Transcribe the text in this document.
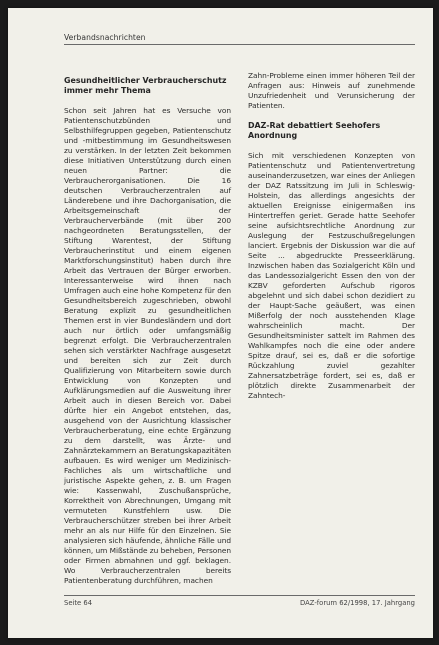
Verbandsnachrichten
Gesundheitlicher Verbraucherschutz immer mehr Thema

Schon seit Jahren hat es Versuche von Patientenschutzbünden und Selbsthilfegruppen gegeben, Patientenschutz und -mitbestimmung im Gesundheitswesen zu verstärken. In der letzten Zeit bekommen diese Initiativen Unterstützung durch einen neuen Partner: die Verbraucherorganisationen. Die 16 deutschen Verbraucherzentralen auf Länderebene und ihre Dachorganisation, die Arbeitsgemeinschaft der Verbraucherverbände (mit über 200 nachgeordneten Beratungsstellen, der Stiftung Warentest, der Stiftung Verbraucherinstitut und einem eigenen Marktforschungsinstitut) haben durch ihre Arbeit das Vertrauen der Bürger erworben. Interessanterweise wird ihnen nach Umfragen auch eine hohe Kompetenz für den Gesundheitsbereich zugeschrieben, obwohl Beratung explizit zu gesundheitlichen Themen erst in vier Bundesländern und dort auch nur örtlich oder umfangsmäßig begrenzt erfolgt. Die Verbraucherzentralen sehen sich verstärkter Nachfrage ausgesetzt und bereiten sich zur Zeit durch Qualifizierung von Mitarbeitern sowie durch Entwicklung von Konzepten und Aufklärungsmedien auf die Ausweitung ihrer Arbeit auch in diesen Bereich vor. Dabei dürfte hier ein Angebot entstehen, das, ausgehend von der Ausrichtung klassischer Verbraucherberatung, eine echte Ergänzung zu dem darstellt, was Ärzte- und Zahnärztekammern an Beratungskapazitäten aufbauen. Es wird weniger um Medizinisch-Fachliches als um wirtschaftliche und juristische Aspekte gehen, z. B. um Fragen wie: Kassenwahl, Zuschußansprüche, Korrektheit von Abrechnungen, Umgang mit vermuteten Kunstfehlern usw. Die Verbraucherschützer streben bei ihrer Arbeit mehr an als nur Hilfe für den Einzelnen. Sie analysieren sich häufende, ähnliche Fälle und können, um Mißstände zu beheben, Personen oder Firmen abmahnen und ggf. beklagen. Wo Verbraucherzentralen bereits Patientenberatung durchführen, machen

Zahn-Probleme einen immer höheren Teil der Anfragen aus: Hinweis auf zunehmende Unzufriedenheit und Verunsicherung der Patienten.

DAZ-Rat debattiert Seehofers Anordnung

Sich mit verschiedenen Konzepten von Patientenschutz und Patientenvertretung auseinanderzusetzen, war eines der Anliegen der DAZ Ratssitzung im Juli in Schleswig-Holstein, das allerdings angesichts der aktuellen Ereignisse einigermaßen ins Hintertreffen geriet. Gerade hatte Seehofer seine aufsichtsrechtliche Anordnung zur Auslegung der Festzuschußregelungen lanciert. Ergebnis der Diskussion war die auf Seite ... abgedruckte Presseerklärung. Inzwischen haben das Sozialgericht Köln und das Landessozialgericht Essen den von der KZBV geforderten Aufschub rigoros abgelehnt und sich dabei schon dezidiert zu der Haupt-Sache geäußert, was einen Mißerfolg der noch ausstehenden Klage wahrscheinlich macht. Der Gesundheitsminister sattelt im Rahmen des Wahlkampfes noch die eine oder andere Spitze drauf, sei es, daß er die sofortige Rückzahlung zuviel gezahlter Zahnersatzbeträge fordert, sei es, daß er plötzlich direkte Zusammenarbeit der Zahntech-

Seite 64	DAZ-forum 62/1998, 17. Jahrgang
